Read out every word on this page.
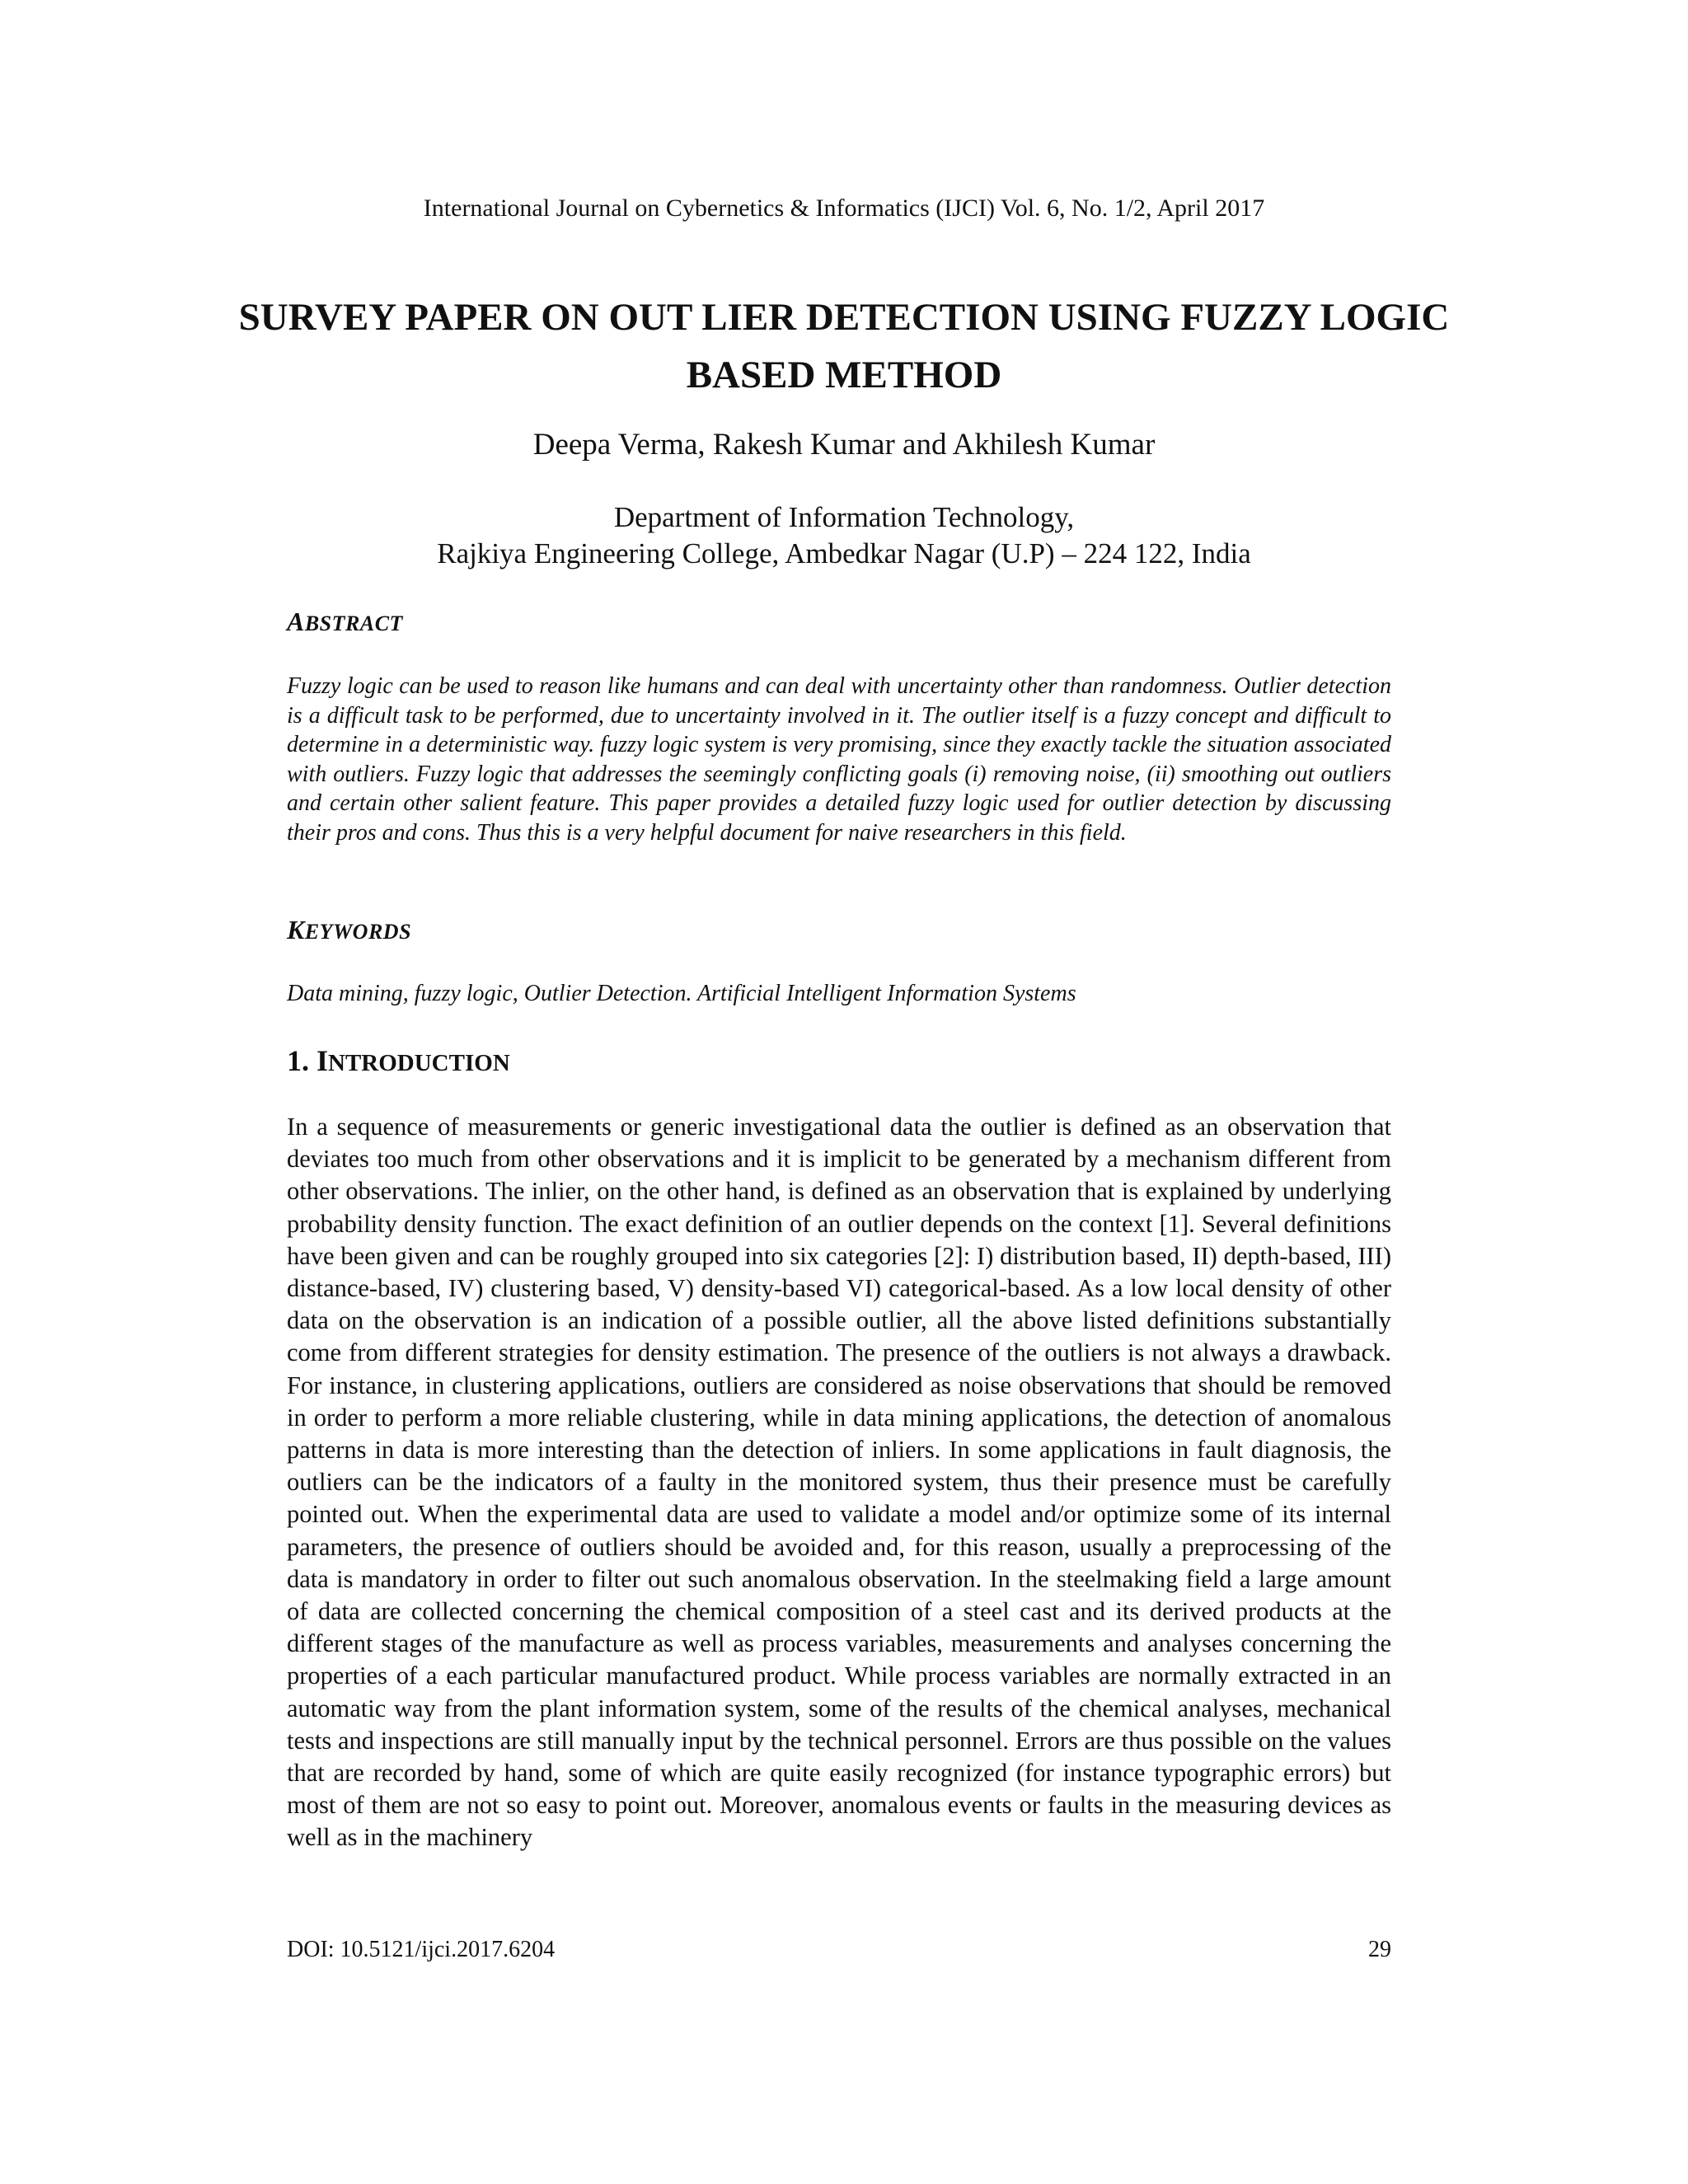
International Journal on Cybernetics & Informatics (IJCI) Vol. 6, No. 1/2, April 2017
SURVEY PAPER ON OUT LIER DETECTION USING FUZZY LOGIC BASED METHOD
Deepa Verma, Rakesh Kumar and Akhilesh Kumar
Department of Information Technology,
Rajkiya Engineering College, Ambedkar Nagar (U.P) – 224 122, India
ABSTRACT

Fuzzy logic can be used to reason like humans and can deal with uncertainty other than randomness. Outlier detection is a difficult task to be performed, due to uncertainty involved in it. The outlier itself is a fuzzy concept and difficult to determine in a deterministic way. fuzzy logic system is very promising, since they exactly tackle the situation associated with outliers. Fuzzy logic that addresses the seemingly conflicting goals (i) removing noise, (ii) smoothing out outliers and certain other salient feature. This paper provides a detailed fuzzy logic used for outlier detection by discussing their pros and cons. Thus this is a very helpful document for naive researchers in this field.

KEYWORDS

Data mining, fuzzy logic, Outlier Detection. Artificial Intelligent Information Systems

1. INTRODUCTION

In a sequence of measurements or generic investigational data the outlier is defined as an observation that deviates too much from other observations and it is implicit to be generated by a mechanism different from other observations. The inlier, on the other hand, is defined as an observation that is explained by underlying probability density function. The exact definition of an outlier depends on the context [1]. Several definitions have been given and can be roughly grouped into six categories [2]: I) distribution based, II) depth-based, III) distance-based, IV) clustering based, V) density-based VI) categorical-based. As a low local density of other data on the observation is an indication of a possible outlier, all the above listed definitions substantially come from different strategies for density estimation. The presence of the outliers is not always a drawback. For instance, in clustering applications, outliers are considered as noise observations that should be removed in order to perform a more reliable clustering, while in data mining applications, the detection of anomalous patterns in data is more interesting than the detection of inliers. In some applications in fault diagnosis, the outliers can be the indicators of a faulty in the monitored system, thus their presence must be carefully pointed out. When the experimental data are used to validate a model and/or optimize some of its internal parameters, the presence of outliers should be avoided and, for this reason, usually a preprocessing of the data is mandatory in order to filter out such anomalous observation. In the steelmaking field a large amount of data are collected concerning the chemical composition of a steel cast and its derived products at the different stages of the manufacture as well as process variables, measurements and analyses concerning the properties of a each particular manufactured product. While process variables are normally extracted in an automatic way from the plant information system, some of the results of the chemical analyses, mechanical tests and inspections are still manually input by the technical personnel. Errors are thus possible on the values that are recorded by hand, some of which are quite easily recognized (for instance typographic errors) but most of them are not so easy to point out. Moreover, anomalous events or faults in the measuring devices as well as in the machinery

DOI: 10.5121/ijci.2017.6204	29
